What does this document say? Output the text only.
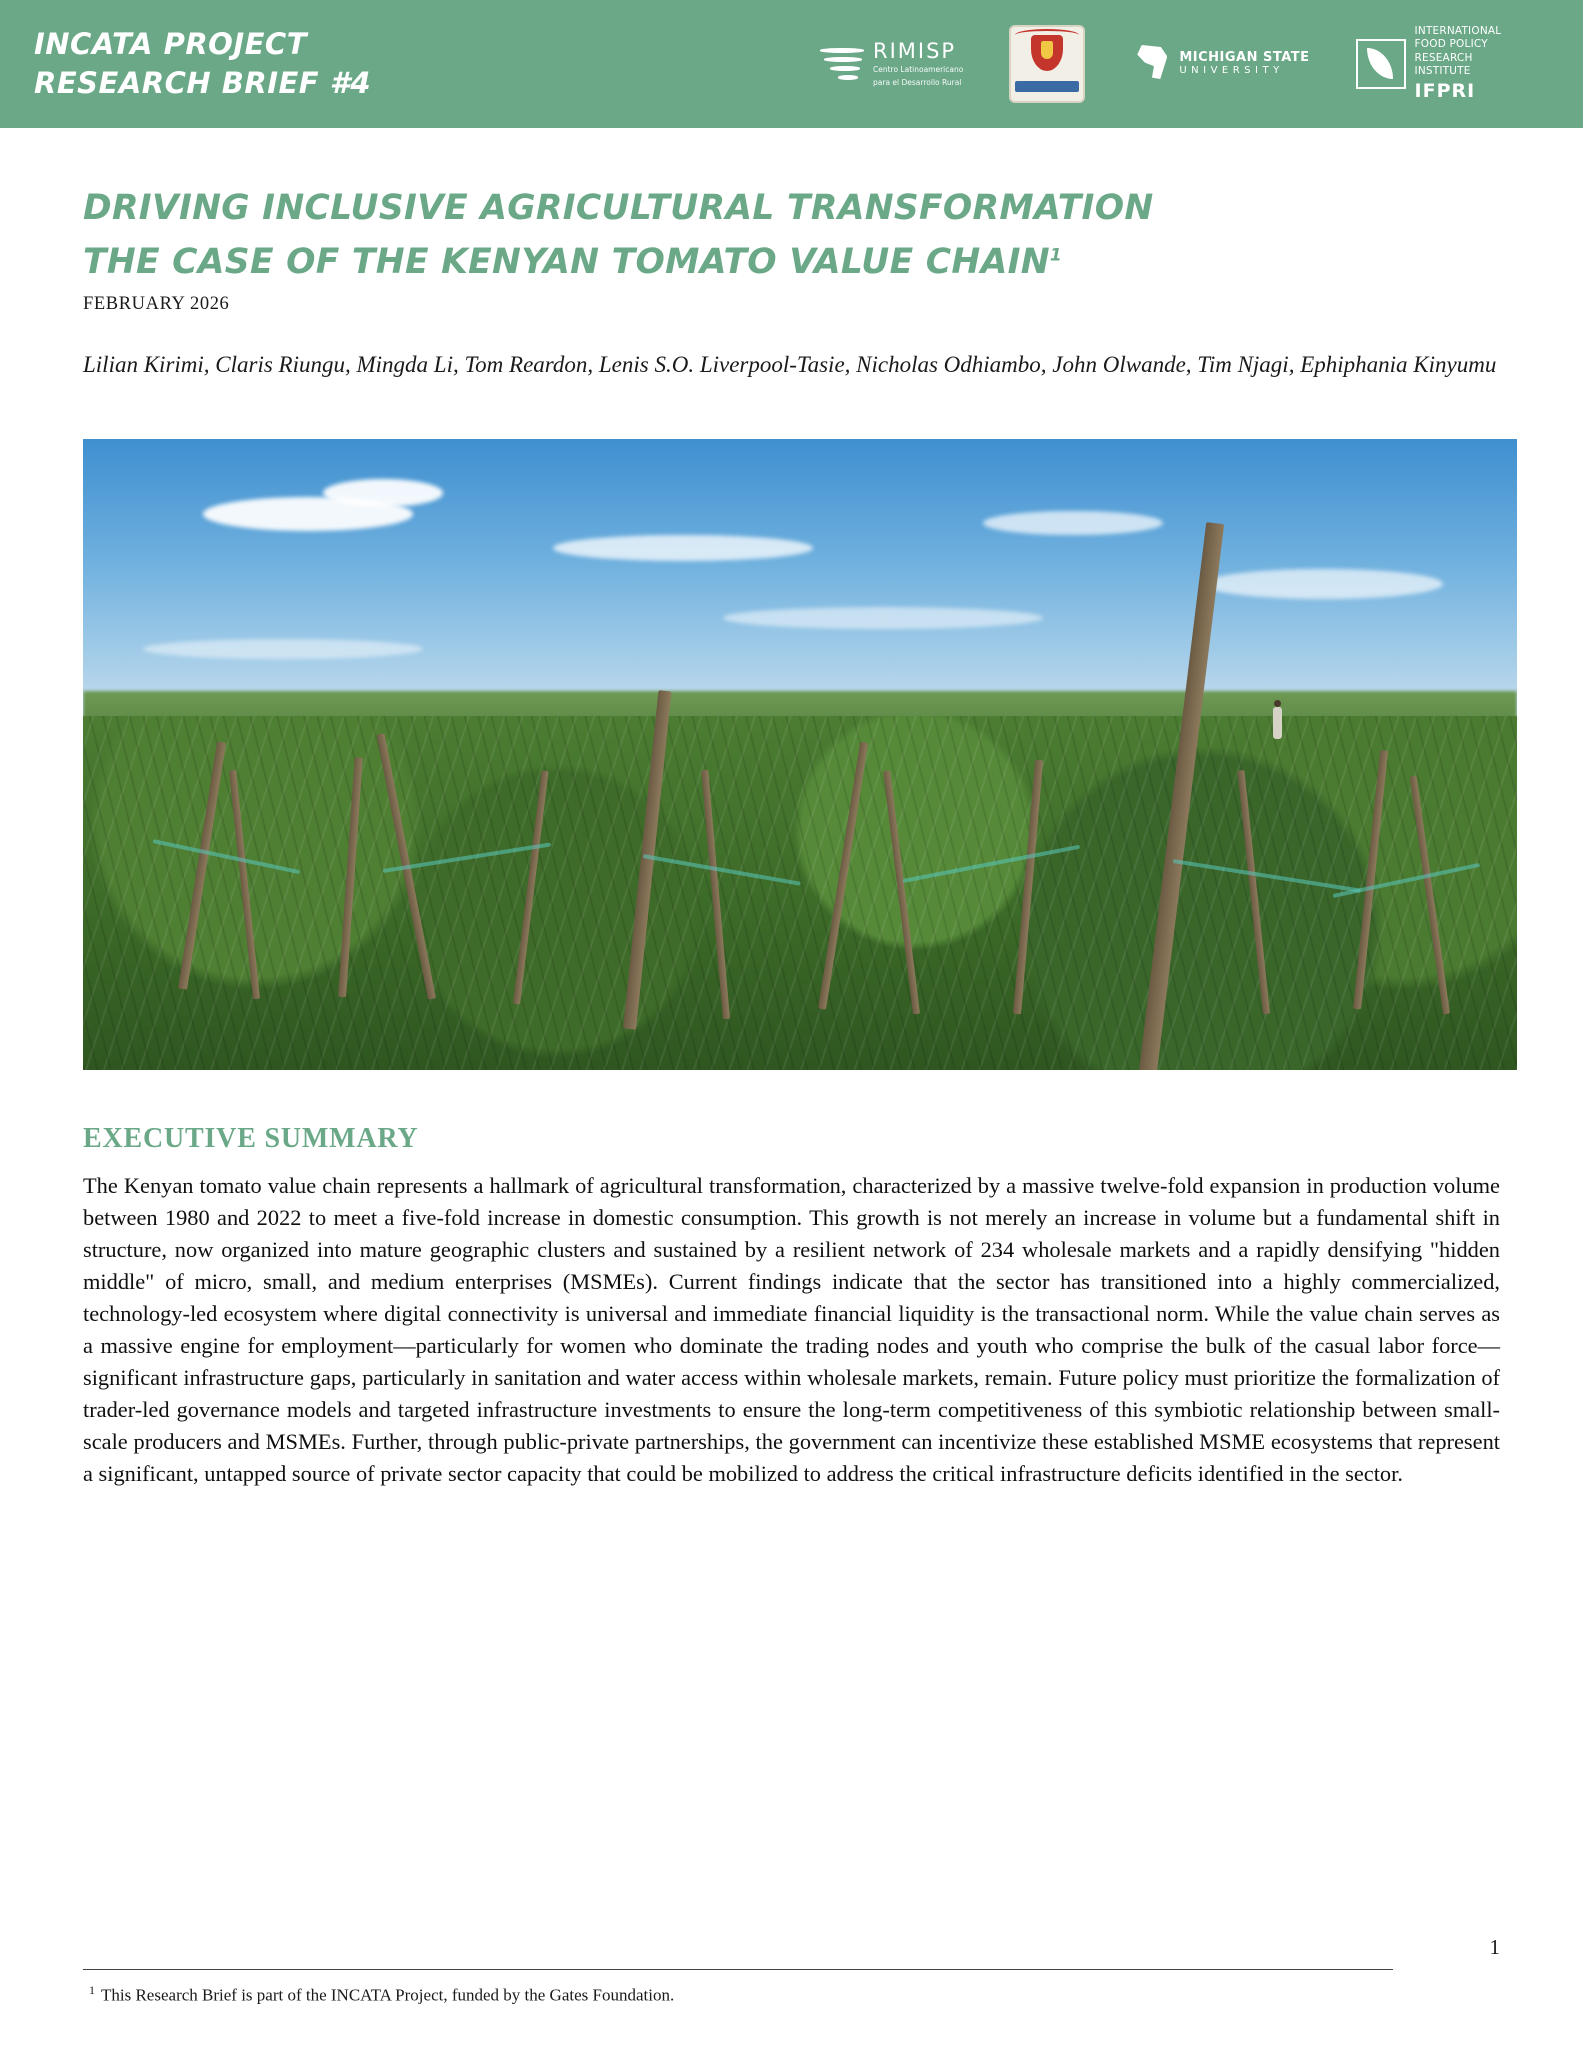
INCATA PROJECT
RESEARCH BRIEF #4
RIMISP
Centro Latinoamericano
para el Desarrollo Rural
MICHIGAN STATE
UNIVERSITY
INTERNATIONAL
FOOD POLICY
RESEARCH
INSTITUTE
IFPRI
DRIVING INCLUSIVE AGRICULTURAL TRANSFORMATION
THE CASE OF THE KENYAN TOMATO VALUE CHAIN$^1$

FEBRUARY 2026

Lilian Kirimi, Claris Riungu, Mingda Li, Tom Reardon, Lenis S.O. Liverpool-Tasie, Nicholas Odhiambo, John Olwande, Tim Njagi, Ephiphania Kinyumu

EXECUTIVE SUMMARY

The Kenyan tomato value chain represents a hallmark of agricultural transformation, characterized by a massive twelve-fold expansion in production volume between 1980 and 2022 to meet a five-fold increase in domestic consumption. This growth is not merely an increase in volume but a fundamental shift in structure, now organized into mature geographic clusters and sustained by a resilient network of 234 wholesale markets and a rapidly densifying "hidden middle" of micro, small, and medium enterprises (MSMEs). Current findings indicate that the sector has transitioned into a highly commercialized, technology-led ecosystem where digital connectivity is universal and immediate financial liquidity is the transactional norm. While the value chain serves as a massive engine for employment—particularly for women who dominate the trading nodes and youth who comprise the bulk of the casual labor force—significant infrastructure gaps, particularly in sanitation and water access within wholesale markets, remain. Future policy must prioritize the formalization of trader-led governance models and targeted infrastructure investments to ensure the long-term competitiveness of this symbiotic relationship between small-scale producers and MSMEs. Further, through public-private partnerships, the government can incentivize these established MSME ecosystems that represent a significant, untapped source of private sector capacity that could be mobilized to address the critical infrastructure deficits identified in the sector.

1
$^1$ This Research Brief is part of the INCATA Project, funded by the Gates Foundation.
